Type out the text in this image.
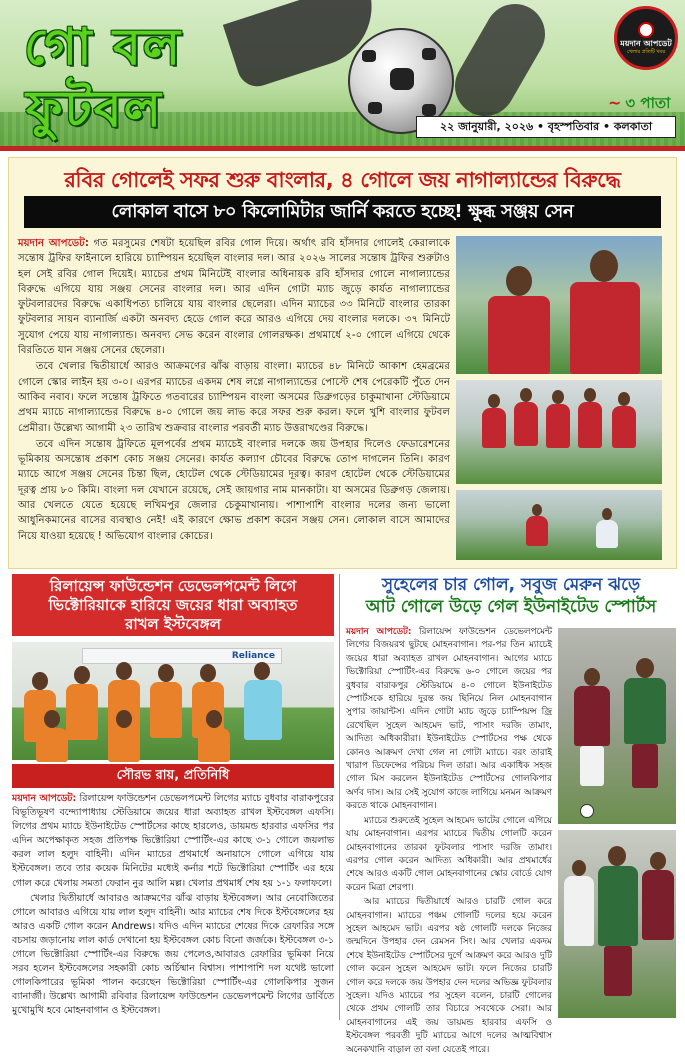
গো বল
ফুটবল
ময়দান আপডেট
খেলার প্রতিটি খবর
~ ৩ পাতা
২২ জানুয়ারী, ২০২৬ • বৃহস্পতিবার • কলকাতা
রবির গোলেই সফর শুরু বাংলার, ৪ গোলে জয় নাগাল্যান্ডের বিরুদ্ধে
লোকাল বাসে ৮০ কিলোমিটার জার্নি করতে হচ্ছে! ক্ষুব্ধ সঞ্জয় সেন

ময়দান আপডেট: গত মরসুমের শেষটা হয়েছিল রবির গোল দিয়ে। অর্থাৎ রবি হাঁসদার গোলেই কেরালাকে সন্তোষ ট্রফির ফাইনালে হারিয়ে চ্যাম্পিয়ন হয়েছিল বাংলার দল। আর ২০২৬ সালের সন্তোষ ট্রফির শুরুটাও হল সেই রবির গোল দিয়েই। ম্যাচের প্রথম মিনিটেই বাংলার অধিনায়ক রবি হাঁসদার গোলে নাগাল্যান্ডের বিরুদ্ধে এগিয়ে যায় সঞ্জয় সেনের বাংলার দল। আর এদিন গোটা ম্যাচ জুড়ে কার্যত নাগাল্যান্ডের ফুটবলারদের বিরুদ্ধে একাধিপত্য চালিয়ে যায় বাংলার ছেলেরা। এদিন ম্যাচের ৩৩ মিনিটে বাংলার তারকা ফুটবলার সায়ন ব্যানার্জি একটা অনবদ্য হেডে গোল করে আরও এগিয়ে দেয় বাংলার দলকে। ৩৭ মিনিটে সুযোগ পেয়ে যায় নাগাল্যান্ড। অনবদ্য সেভ করেন বাংলার গোলরক্ষক। প্রথমার্ধে ২-০ গোলে এগিয়ে থেকে বিরতিতে যান সঞ্জয় সেনের ছেলেরা।

তবে খেলার দ্বিতীয়ার্ধে আরও আক্রমণের ঝাঁঝ বাড়ায় বাংলা। ম্যাচের ৪৮ মিনিটে আকাশ হেমব্রমের গোলে স্কোর লাইন হয় ৩-০। এরপর ম্যাচের একদম শেষ লগ্নে নাগাল্যান্ডের পোস্টে শেষ পেরেকটি পুঁতে দেন আকিব নবাব। ফলে সন্তোষ ট্রফিতে গতবারের চ্যাম্পিয়ন বাংলা অসমের ডিব্রুগড়ের চাকুমাখানা স্টেডিয়ামে প্রথম ম্যাচে নাগাল্যান্ডের বিরুদ্ধে ৪-০ গোলে জয় লাভ করে সফর শুরু করল। ফলে খুশি বাংলার ফুটবল প্রেমীরা। উল্লেখ্য আগামী ২৩ তারিখ শুক্রবার বাংলার পরবর্তী ম্যাচ উত্তরাখণ্ডের বিরুদ্ধে।

তবে এদিন সন্তোষ ট্রফিতে মূলপর্বের প্রথম ম্যাচেই বাংলার দলকে জয় উপহার দিলেও ফেডারেশনের ভূমিকায় অসন্তোষ প্রকাশ কোচ সঞ্জয় সেনের। কার্যত কল্যাণ চৌবের বিরুদ্ধে তোপ দাগলেন তিনি। কারণ ম্যাচে আগে সঞ্জয় সেনের চিন্তা ছিল, হোটেল থেকে স্টেডিয়ামের দূরত্ব। কারণ হোটেল থেকে স্টেডিয়ামের দূরত্ব প্রায় ৮০ কিমি। বাংলা দল যেখানে রয়েছে, সেই জায়গার নাম মানকাটা। যা অসমের ডিব্রুগড় জেলায়। আর খেলতে যেতে হয়েছে লখিমপুর জেলার চেকুমাখানায়। পাশাপাশি বাংলার দলের জন্য ভালো আধুনিকমানের বাসের ব্যবস্থাও নেই! এই কারণে ক্ষোভ প্রকাশ করেন সঞ্জয় সেন। লোকাল বাসে আমাদের নিয়ে যাওয়া হয়েছে ! অভিযোগ বাংলার কোচের।

রিলায়েন্স ফাউন্ডেশন ডেভেলপমেন্ট লিগে
ভিক্টোরিয়াকে হারিয়ে জয়ের ধারা অব্যাহত
রাখল ইস্টবেঙ্গল
Reliance
সৌরভ রায়, প্রতিনিধি

ময়দান আপডেট: রিলায়েন্স ফাউন্ডেশন ডেভেলপমেন্ট লিগের ম্যাচে বুধবার বারাকপুরের বিভূতিভূষণ বন্দ্যোপাধ্যায় স্টেডিয়ামে জয়ের ধারা অব্যাহত রাখল ইস্টবেঙ্গল এফসি। লিগের প্রথম ম্যাচে ইউনাইটেড স্পোর্টসের কাছে হারলেও, ডায়মন্ড হারবার এফসির পর এদিন অপেক্ষাকৃত সহজ প্রতিপক্ষ ভিক্টোরিয়া স্পোর্টিং-এর কাছে ৩-১ গোলে জয়লাভ করল লাল হলুদ বাহিনী। এদিন ম্যাচের প্রথমার্ধে অনায়াসে গোলে এগিয়ে যায় ইস্টবেঙ্গল। তবে তার কয়েক মিনিটের মধ্যেই কর্নার শটে ভিক্টোরিয়া স্পোর্টিং এর হয়ে গোল করে খেলায় সমতা ফেরান নুর আলি মল্ল। খেলার প্রথমার্ধ শেষ হয় ১-১ ফলাফলে।

খেলার দ্বিতীয়ার্ধে আবারও আক্রমণের ঝাঁঝ বাড়ায় ইস্টবেঙ্গল। আর নেবোজিতের গোলে আবারও এগিয়ে যায় লাল হলুদ বাহিনী। আর ম্যাচের শেষ দিকে ইস্টবেঙ্গলের হয় আরও একটি গোল করেন Andrews। যদিও এদিন ম্যাচের শেষের দিকে রেফারির সঙ্গে বচসায় জড়ানোয় লাল কার্ড দেখানো হয় ইস্টবেঙ্গল কোচ বিনো জর্জকে। ইস্টবেঙ্গল ৩-১ গোলে ভিক্টোরিয়া স্পোর্টিং-এর বিরুদ্ধে জয় পেলেও,আবারও রেফারির ভূমিকা নিয়ে সরব হলেন ইস্টবেঙ্গলের সহকারী কোচ অর্চিষ্মান বিশ্বাস। পাশাপাশি দল যথেষ্ট ভালো গোলকিপারের ভূমিকা পালন করেছেন ভিক্টোরিয়া স্পোর্টিং-এর গোলকিপার সুজন ব্যানার্জী। উল্লেখ্য আগামী রবিবার রিলায়েন্স ফাউন্ডেশন ডেভেলপমেন্ট লিগের ডার্বিতে মুখোমুখি হবে মোহনবাগান ও ইস্টবেঙ্গল।

সুহেলের চার গোল, সবুজ মেরুন ঝড়ে
আট গোলে উড়ে গেল ইউনাইটেড স্পোর্টস

ময়দান আপডেট: রিলায়েন্স ফাউন্ডেশন ডেভেলপমেন্ট লিগের বিজয়রথ ছুটছে মোহনবাগান। পর-পর তিন ম্যাচেই জয়ের ধারা অব্যাহত রাখল মোহনবাগান। আগের ম্যাচে ভিক্টোরিয়া স্পোর্টিং-এর বিরুদ্ধে ৬-০ গোলে জয়ের পর বুধবার বারাকপুর স্টেডিয়ামে ৪-০ গোলে ইউনাইটেড স্পোর্টসকে হারিয়ে দুরন্ত জয় ছিনিয়ে নিল মোহনবাগান সুপার জায়ান্টস। এদিন গোটা ম্যাচ জুড়ে চ্যাম্পিয়ন্স জ্রি রেখেছিল সুহেল আহমেদ ভাট, পাসাং দরজি তামাং, আদিত্য অধিকারীরা। ইউনাইটেড স্পোর্টসের পক্ষ থেকে কোনও আক্রমণ দেখা গেল না গোটা ম্যাচে। বরং তারাই খারাপ ডিফেন্সের পরিচয় দিল তারা। আর একাধিক সহজ গোল মিস করলেন ইউনাইটেড স্পোর্টসের গোলকিপার অর্ণব দাস। আর সেই সুযোগ কাজে লাগিয়ে মনমন আক্রমণ করতে থাকে মোহনবাগান।

ম্যাচের শুরুতেই সুহেল আহমেদ ভাটের গোলে এগিয়ে যায় মোহনবাগান। এরপর ম্যাচের দ্বিতীয় গোলটি করেন মোহনবাগানের তারকা ফুটবলার পাসাং দরজি তামাং। এরপর গোল করেন আদিত্য অধিকারী। আর প্রথমার্ধের শেষে আরও একটি গোল মোহনবাগানের স্কোর বোর্ডে যোগ করেন মিত্রা শেরপা।

আর ম্যাচের দ্বিতীয়ার্ধে আরও চারটি গোল করে মোহনবাগান। ম্যাচের পঞ্চম গোলটি দলের হয়ে করেন সুহেল আহমেদ ভাট। এরপর ষষ্ঠ গোলটি দলকে নিজের জন্মদিনে উপহার দেন রেমসন সিং। আর খেলার একদম শেষে ইউনাইটেড স্পোর্টসের দুর্গে আক্রমণ করে আরও দুটি গোল করেন সুহেল আহমেদ ভাট। ফলে নিজের চারটি গোল করে দলকে জয় উপহার দেন দলের অভিজ্ঞ ফুটবলার সুহেল। যদিও ম্যাচের পর সুহেল বলেন, চারটি গোলের থেকে প্রথম গোলটি তার বিচারে সবথেকে সেরা। আর মোহনবাগানের এই জয় ডায়মন্ড হারবার এফসি ও ইস্টবেঙ্গল পরবর্তী দুটি ম্যাচের আগে দলের আত্মবিশ্বাস অনেকখানি বাড়াল তা বলা যেতেই পারে।
